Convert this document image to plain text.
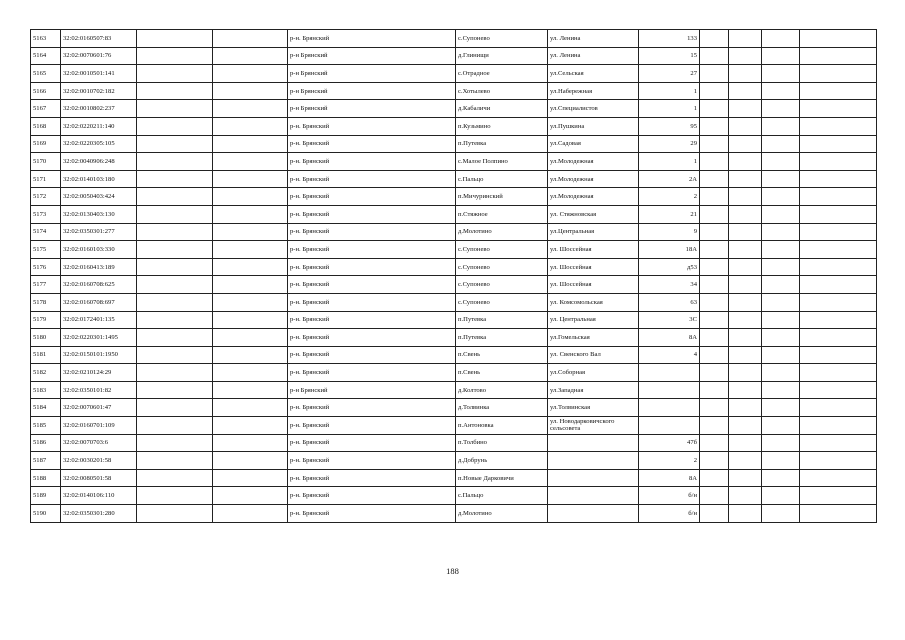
5163	32:02:0160507:83			р-н. Брянский	с.Супонево	ул. Ленина	133				
5164	32:02:0070601:76			р-н Брянский	д.Глинищи	ул. Ленина	15				
5165	32:02:0010501:141			р-н Брянский	с.Отрадное	ул.Сельская	27				
5166	32:02:0010702:182			р-н Брянский	с.Хотылево	ул.Набережная	1				
5167	32:02:0010802:237			р-н Брянский	д.Кабаличи	ул.Специалистов	1				
5168	32:02:0220211:140			р-н. Брянский	п.Кузьмино	ул.Пушкина	95				
5169	32:02:0220305:105			р-н. Брянский	п.Путевка	ул.Садовая	29				
5170	32:02:0040906:248			р-н. Брянский	с.Малое Полпино	ул.Молодежная	1				
5171	32:02:0140103:180			р-н. Брянский	с.Пальцо	ул.Молодежная	2А				
5172	32:02:0050403:424			р-н. Брянский	п.Мичуринский	ул.Молодежная	2				
5173	32:02:0130403:130			р-н. Брянский	п.Стяжное	ул. Стяжновская	21				
5174	32:02:0350301:277			р-н. Брянский	д.Молотино	ул.Центральная	9				
5175	32:02:0160103:330			р-н. Брянский	с.Супонево	ул. Шоссейная	18А				
5176	32:02:0160413:189			р-н. Брянский	с.Супонево	ул. Шоссейная	д53				
5177	32:02:0160708:625			р-н. Брянский	с.Супонево	ул. Шоссейная	34				
5178	32:02:0160708:697			р-н. Брянский	с.Супонево	ул. Комсомольская	63				
5179	32:02:0172401:135			р-н. Брянский	п.Путевка	ул. Центральная	3С				
5180	32:02:0220301:1495			р-н. Брянский	п.Путевка	ул.Гомельская	8А				
5181	32:02:0150101:1950			р-н. Брянский	п.Свень	ул. Свенского Вал	4				
5182	32:02:0210124:29			р-н. Брянский	п.Свень	ул.Соборная					
5183	32:02:0350101:82			р-н Брянский	д.Колтово	ул.Западная					
5184	32:02:0070601:47			р-н. Брянский	д.Толвинка	ул.Толвинская					
5185	32:02:0160701:109			р-н. Брянский	п.Антоновка	ул. Новодарковичского сельсовета					
5186	32:02:0070703:6			р-н. Брянский	п.Толбино		47б				
5187	32:02:0030201:58			р-н. Брянский	д.Добрунь		2				
5188	32:02:0080501:58			р-н. Брянский	п.Новые Дарковичи		8А				
5189	32:02:0140106:110			р-н. Брянский	с.Пальцо		б/н				
5190	32:02:0350301:280			р-н. Брянский	д.Молотино		б/н				
188
